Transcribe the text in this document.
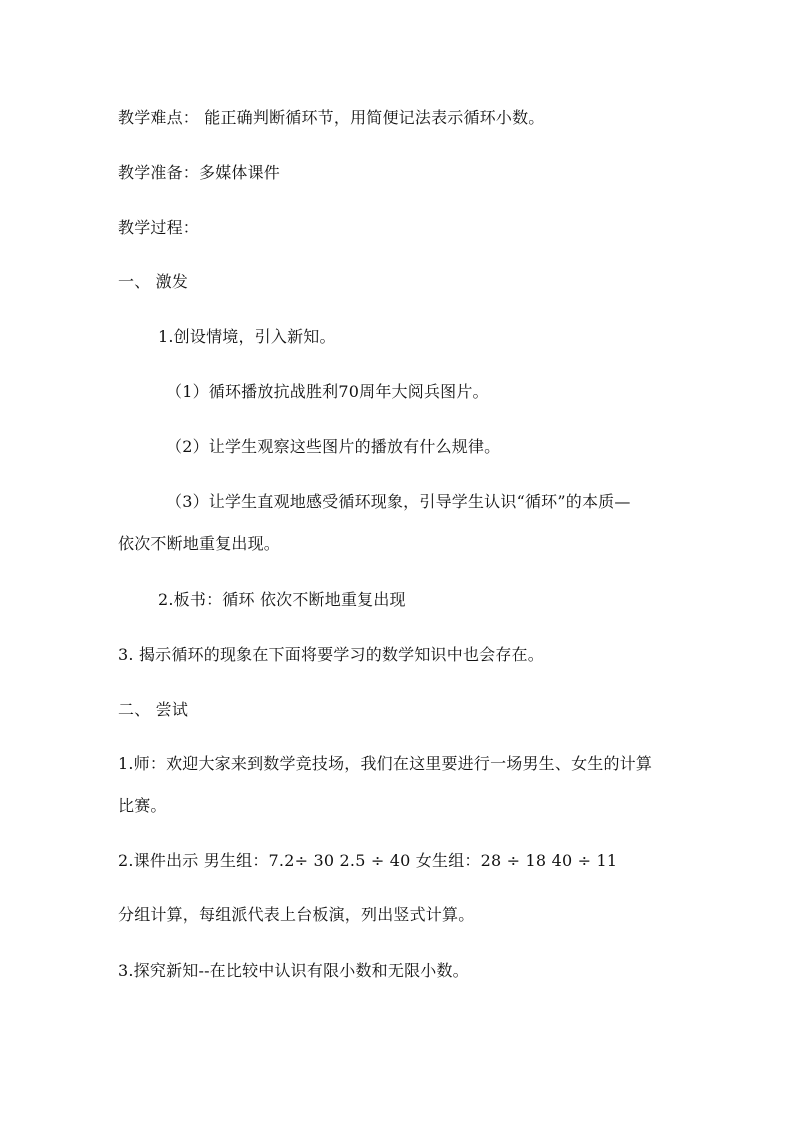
教学难点： 能正确判断循环节，用简便记法表示循环小数。
教学准备：多媒体课件
教学过程：
一、 激发
1.创设情境，引入新知。
（1）循环播放抗战胜利70周年大阅兵图片。
（2）让学生观察这些图片的播放有什么规律。
（3）让学生直观地感受循环现象，引导学生认识“循环”的本质—
依次不断地重复出现。
2.板书：循环 依次不断地重复出现
3. 揭示循环的现象在下面将要学习的数学知识中也会存在。
二、 尝试
1.师：欢迎大家来到数学竞技场，我们在这里要进行一场男生、女生的计算
比赛。
2.课件出示 男生组：7.2÷ 30 2.5 ÷ 40 女生组：28 ÷ 18 40 ÷ 11
分组计算，每组派代表上台板演，列出竖式计算。
3.探究新知--在比较中认识有限小数和无限小数。
